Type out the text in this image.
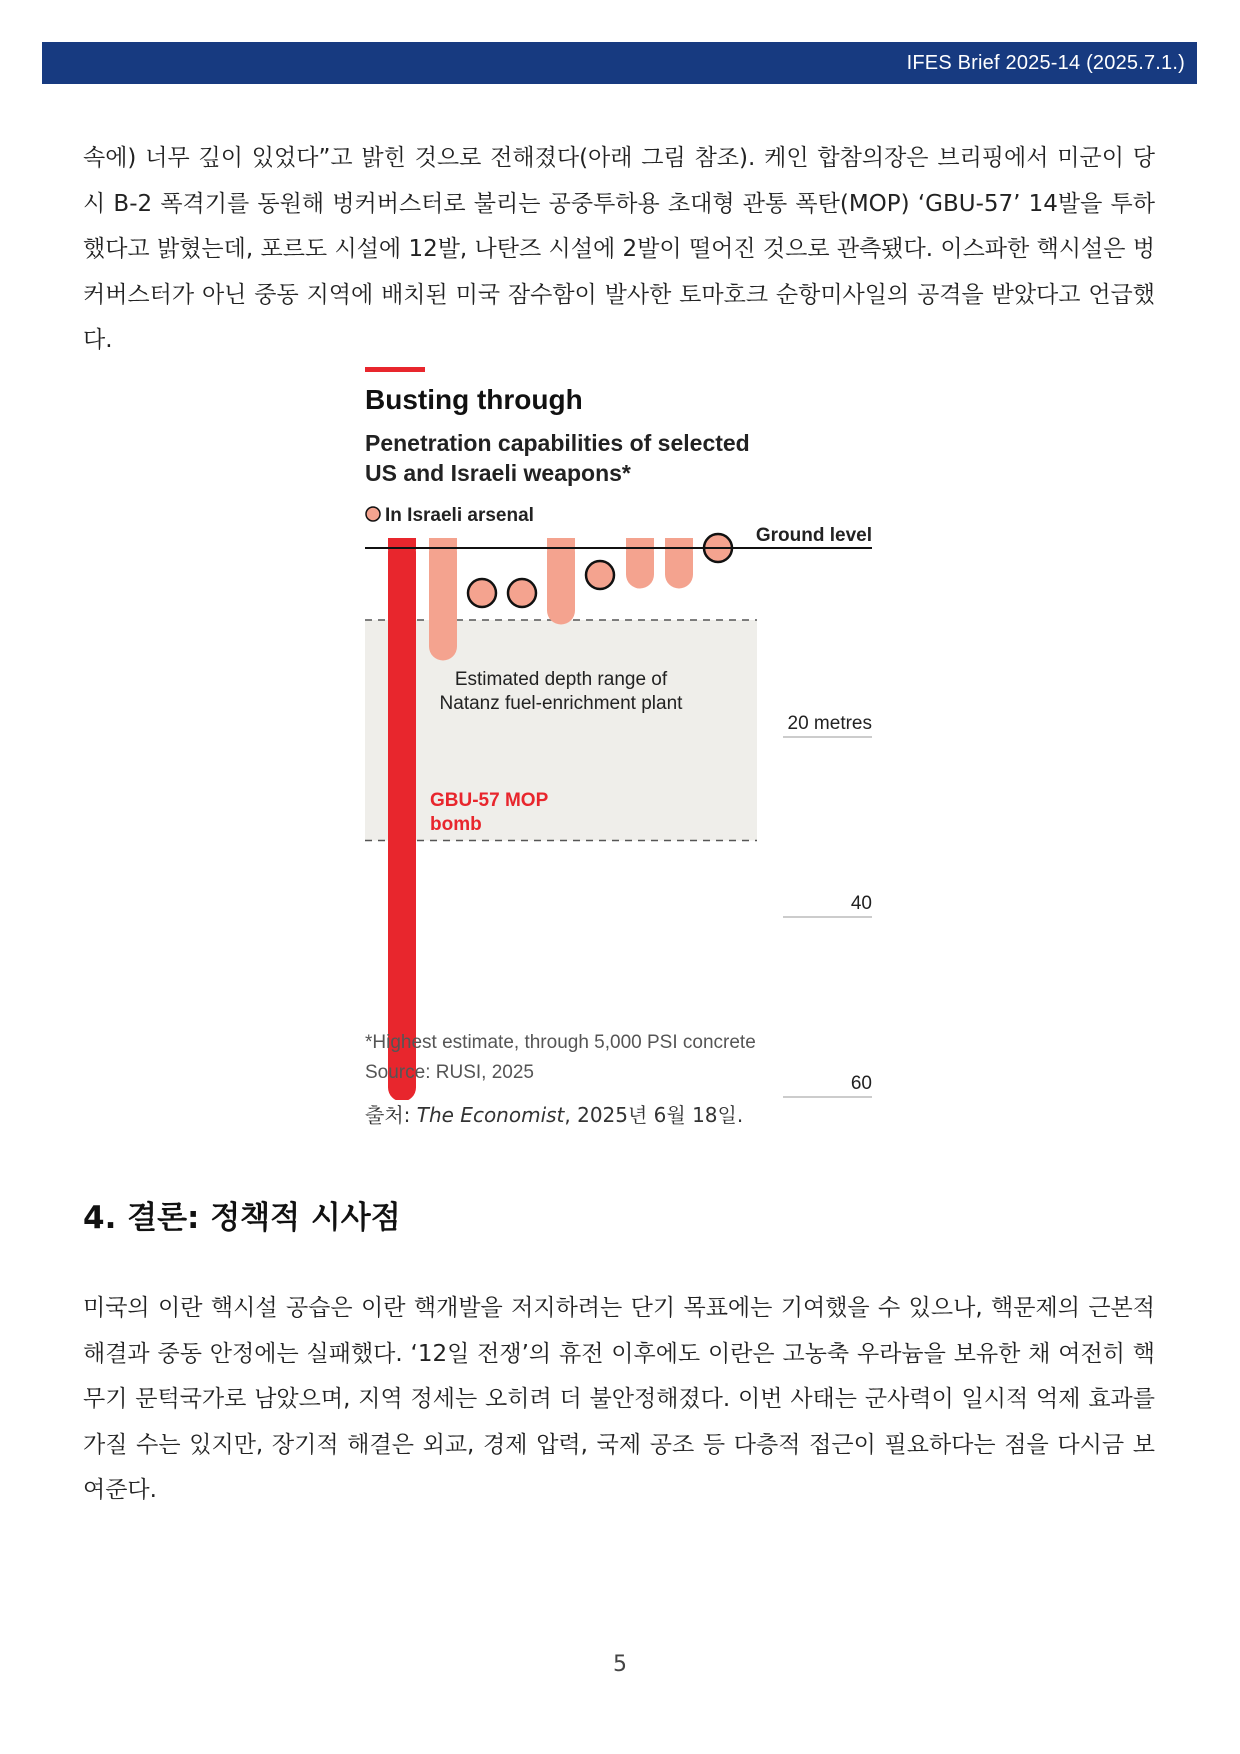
IFES Brief 2025-14 (2025.7.1.)

속에) 너무 깊이 있었다”고 밝힌 것으로 전해졌다(아래 그림 참조). 케인 합참의장은 브리핑에서 미군이 당시 B-2 폭격기를 동원해 벙커버스터로 불리는 공중투하용 초대형 관통 폭탄(MOP) ‘GBU-57’ 14발을 투하했다고 밝혔는데, 포르도 시설에 12발, 나탄즈 시설에 2발이 떨어진 것으로 관측됐다. 이스파한 핵시설은 벙커버스터가 아닌 중동 지역에 배치된 미국 잠수함이 발사한 토마호크 순항미사일의 공격을 받았다고 언급했다.

Busting through
Penetration capabilities of selected
US and Israeli weapons*
In Israeli arsenal
Ground level
Estimated depth range of
Natanz fuel-enrichment plant
20 metres
40
60
GBU-57 MOP
bomb
*Highest estimate, through 5,000 PSI concrete
Source: RUSI, 2025
출처: The Economist, 2025년 6월 18일.
4. 결론: 정책적 시사점

미국의 이란 핵시설 공습은 이란 핵개발을 저지하려는 단기 목표에는 기여했을 수 있으나, 핵문제의 근본적 해결과 중동 안정에는 실패했다. ‘12일 전쟁’의 휴전 이후에도 이란은 고농축 우라늄을 보유한 채 여전히 핵무기 문턱국가로 남았으며, 지역 정세는 오히려 더 불안정해졌다. 이번 사태는 군사력이 일시적 억제 효과를 가질 수는 있지만, 장기적 해결은 외교, 경제 압력, 국제 공조 등 다층적 접근이 필요하다는 점을 다시금 보여준다.

5
